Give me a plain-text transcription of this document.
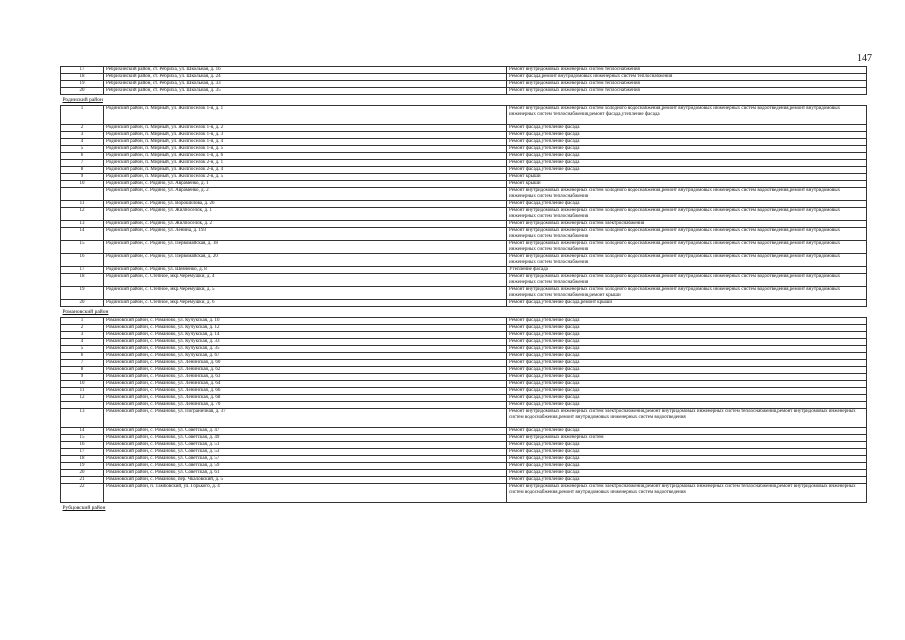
147
17	Ребрихинский район, ст. Ребриха, ул. Школьная, д. 16	Ремонт внутридомовых инженерных систем теплоснабжения
18	Ребрихинский район, ст. Ребриха, ул. Школьная, д. 24	Ремонт фасада,ремонт внутридомовых инженерных систем теплоснабжения
19	Ребрихинский район, ст. Ребриха, ул. Школьная, д. 33	Ремонт внутридомовых инженерных систем теплоснабжения
20	Ребрихинский район, ст. Ребриха, ул. Школьная, д. 35	Ремонт внутридомовых инженерных систем теплоснабжения
Родинский район		
1	Родинский район, п. Мирный, ул. Жилпоселок 1-я, д. 1	Ремонт внутридомовых инженерных систем холодного водоснабжения,ремонт внутридомовых инженерных систем водоотведения,ремонт внутридомовых инженерных систем теплоснабжения,ремонт фасада,утепление фасада
2	Родинский район, п. Мирный, ул. Жилпоселок 1-я, д. 2	Ремонт фасада,утепление фасада
3	Родинский район, п. Мирный, ул. Жилпоселок 1-я, д. 3	Ремонт фасада,утепление фасада
4	Родинский район, п. Мирный, ул. Жилпоселок 1-я, д. 4	Ремонт фасада,утепление фасада
5	Родинский район, п. Мирный, ул. Жилпоселок 1-я, д. 5	Ремонт фасада,утепление фасада
6	Родинский район, п. Мирный, ул. Жилпоселок 1-я, д. 6	Ремонт фасада,утепление фасада
7	Родинский район, п. Мирный, ул. Жилпоселок 2-я, д. 1	Ремонт фасада,утепление фасада
8	Родинский район, п. Мирный, ул. Жилпоселок 2-я, д. 4	Ремонт фасада,утепление фасада
9	Родинский район, п. Мирный, ул. Жилпоселок 2-я, д. 5	Ремонт крыши
10	Родинский район, с. Родино, ул. Авраменко, д. 1	Ремонт крыши
	Родинский район, с. Родино, ул. Авраменко, д. 2	Ремонт внутридомовых инженерных систем холодного водоснабжения,ремонт внутридомовых инженерных систем водоотведения,ремонт внутридомовых инженерных систем теплоснабжения
11	Родинский район, с. Родино, ул. Ворошилова, д. 26	Ремонт фасада,утепление фасада
12	Родинский район, с. Родино, ул. Жилпоселок, д. 1	Ремонт внутридомовых инженерных систем холодного водоснабжения,ремонт внутридомовых инженерных систем водоотведения,ремонт внутридомовых инженерных систем теплоснабжения
13	Родинский район, с. Родино, ул. Жилпоселок, д. 2	Ремонт внутридомовых инженерных систем электроснабжения
14	Родинский район, с. Родино, ул. Ленина, д. 193	Ремонт внутридомовых инженерных систем холодного водоснабжения,ремонт внутридомовых инженерных систем водоотведения,ремонт внутридомовых инженерных систем теплоснабжения
15	Родинский район, с. Родино, ул. Первомайская, д. 18	Ремонт внутридомовых инженерных систем холодного водоснабжения,ремонт внутридомовых инженерных систем водоотведения,ремонт внутридомовых инженерных систем теплоснабжения
16	Родинский район, с. Родино, ул. Первомайская, д. 20	Ремонт внутридомовых инженерных систем холодного водоснабжения,ремонт внутридомовых инженерных систем водоотведения,ремонт внутридомовых инженерных систем теплоснабжения
17	Родинский район, с. Родино, ул. Шевченко, д. 8	Утепление фасада
18	Родинский район, с. Степное, мкр.Черемушки, д. 4	Ремонт внутридомовых инженерных систем холодного водоснабжения,ремонт внутридомовых инженерных систем водоотведения,ремонт внутридомовых инженерных систем теплоснабжения
19	Родинский район, с. Степное, мкр.Черемушки, д. 5	Ремонт внутридомовых инженерных систем холодного водоснабжения,ремонт внутридомовых инженерных систем водоотведения,ремонт внутридомовых инженерных систем теплоснабжения,ремонт крыши
20	Родинский район, с. Степное, мкр.Черемушки, д. 6	Ремонт фасада,утепление фасада,ремонт крыши
Романовский район		
1	Романовский район, с. Романово, ул. Кучукская, д. 10	Ремонт фасада,утепление фасада
2	Романовский район, с. Романово, ул. Кучукская, д. 12	Ремонт фасада,утепление фасада
3	Романовский район, с. Романово, ул. Кучукская, д. 14	Ремонт фасада,утепление фасада
4	Романовский район, с. Романово, ул. Кучукская, д. 33	Ремонт фасада,утепление фасада
5	Романовский район, с. Романово, ул. Кучукская, д. 35	Ремонт фасада,утепление фасада
6	Романовский район, с. Романово, ул. Кучукская, д. 67	Ремонт фасада,утепление фасада
7	Романовский район, с. Романово, ул. Ленинская, д. 60	Ремонт фасада,утепление фасада
8	Романовский район, с. Романово, ул. Ленинская, д. 62	Ремонт фасада,утепление фасада
9	Романовский район, с. Романово, ул. Ленинская, д. 63	Ремонт фасада,утепление фасада
10	Романовский район, с. Романово, ул. Ленинская, д. 64	Ремонт фасада,утепление фасада
11	Романовский район, с. Романово, ул. Ленинская, д. 66	Ремонт фасада,утепление фасада
12	Романовский район, с. Романово, ул. Ленинская, д. 68	Ремонт фасада,утепление фасада
	Романовский район, с. Романово, ул. Ленинская, д. 70	Ремонт фасада,утепление фасада
13	Романовский район, с. Романово, ул. Пограничная, д. 37	Ремонт внутридомовых инженерных систем электроснабжения,ремонт внутридомовых инженерных систем теплоснабжения,ремонт внутридомовых инженерных систем водоснабжения,ремонт внутридомовых инженерных систем водоотведения
14	Романовский район, с. Романово, ул. Советская, д. 47	Ремонт фасада,утепление фасада
15	Романовский район, с. Романово, ул. Советская, д. 49	Ремонт внутридомовых инженерных систем
16	Романовский район, с. Романово, ул. Советская, д. 51	Ремонт фасада,утепление фасада
17	Романовский район, с. Романово, ул. Советская, д. 53	Ремонт фасада,утепление фасада
18	Романовский район, с. Романово, ул. Советская, д. 57	Ремонт фасада,утепление фасада
19	Романовский район, с. Романово, ул. Советская, д. 59	Ремонт фасада,утепление фасада
20	Романовский район, с. Романово, ул. Советская, д. 61	Ремонт фасада,утепление фасада
21	Романовский район, с. Романово, пер. Чкаловский, д. 5	Ремонт фасада,утепление фасада
22	Романовский район, п. Тамбовский, ул. Горького, д. 4	Ремонт внутридомовых инженерных систем электроснабжения,ремонт внутридомовых инженерных систем теплоснабжения,ремонт внутридомовых инженерных систем водоснабжения,ремонт внутридомовых инженерных систем водоотведения
Рубцовский район		
